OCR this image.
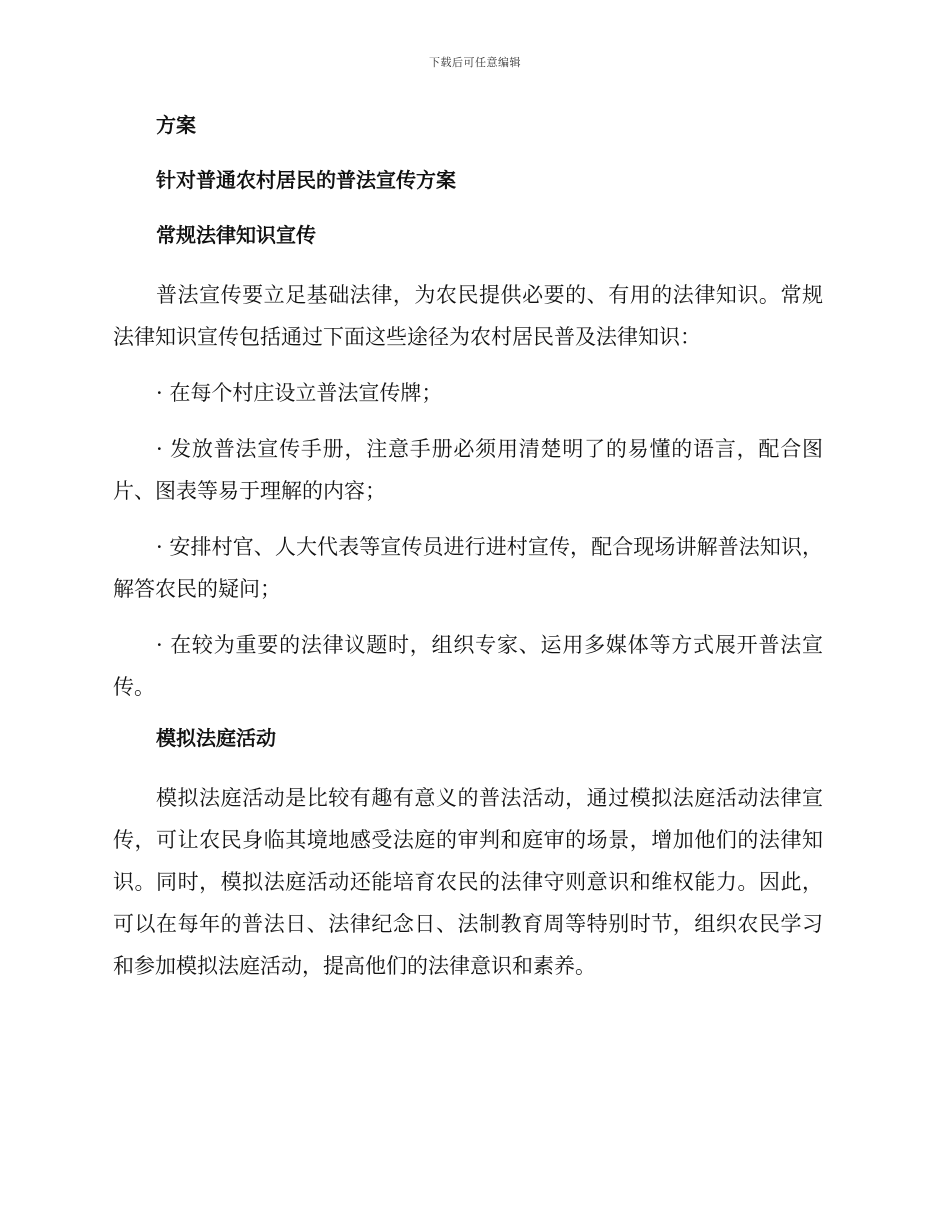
下载后可任意编辑
方案
针对普通农村居民的普法宣传方案
常规法律知识宣传

普法宣传要立足基础法律，为农民提供必要的、有用的法律知识。常规法律知识宣传包括通过下面这些途径为农村居民普及法律知识：

· 在每个村庄设立普法宣传牌；

· 发放普法宣传手册，注意手册必须用清楚明了的易懂的语言，配合图片、图表等易于理解的内容；

· 安排村官、人大代表等宣传员进行进村宣传，配合现场讲解普法知识，解答农民的疑问；

· 在较为重要的法律议题时，组织专家、运用多媒体等方式展开普法宣传。

模拟法庭活动

模拟法庭活动是比较有趣有意义的普法活动，通过模拟法庭活动法律宣传，可让农民身临其境地感受法庭的审判和庭审的场景，增加他们的法律知识。同时，模拟法庭活动还能培育农民的法律守则意识和维权能力。因此，可以在每年的普法日、法律纪念日、法制教育周等特别时节，组织农民学习和参加模拟法庭活动，提高他们的法律意识和素养。
